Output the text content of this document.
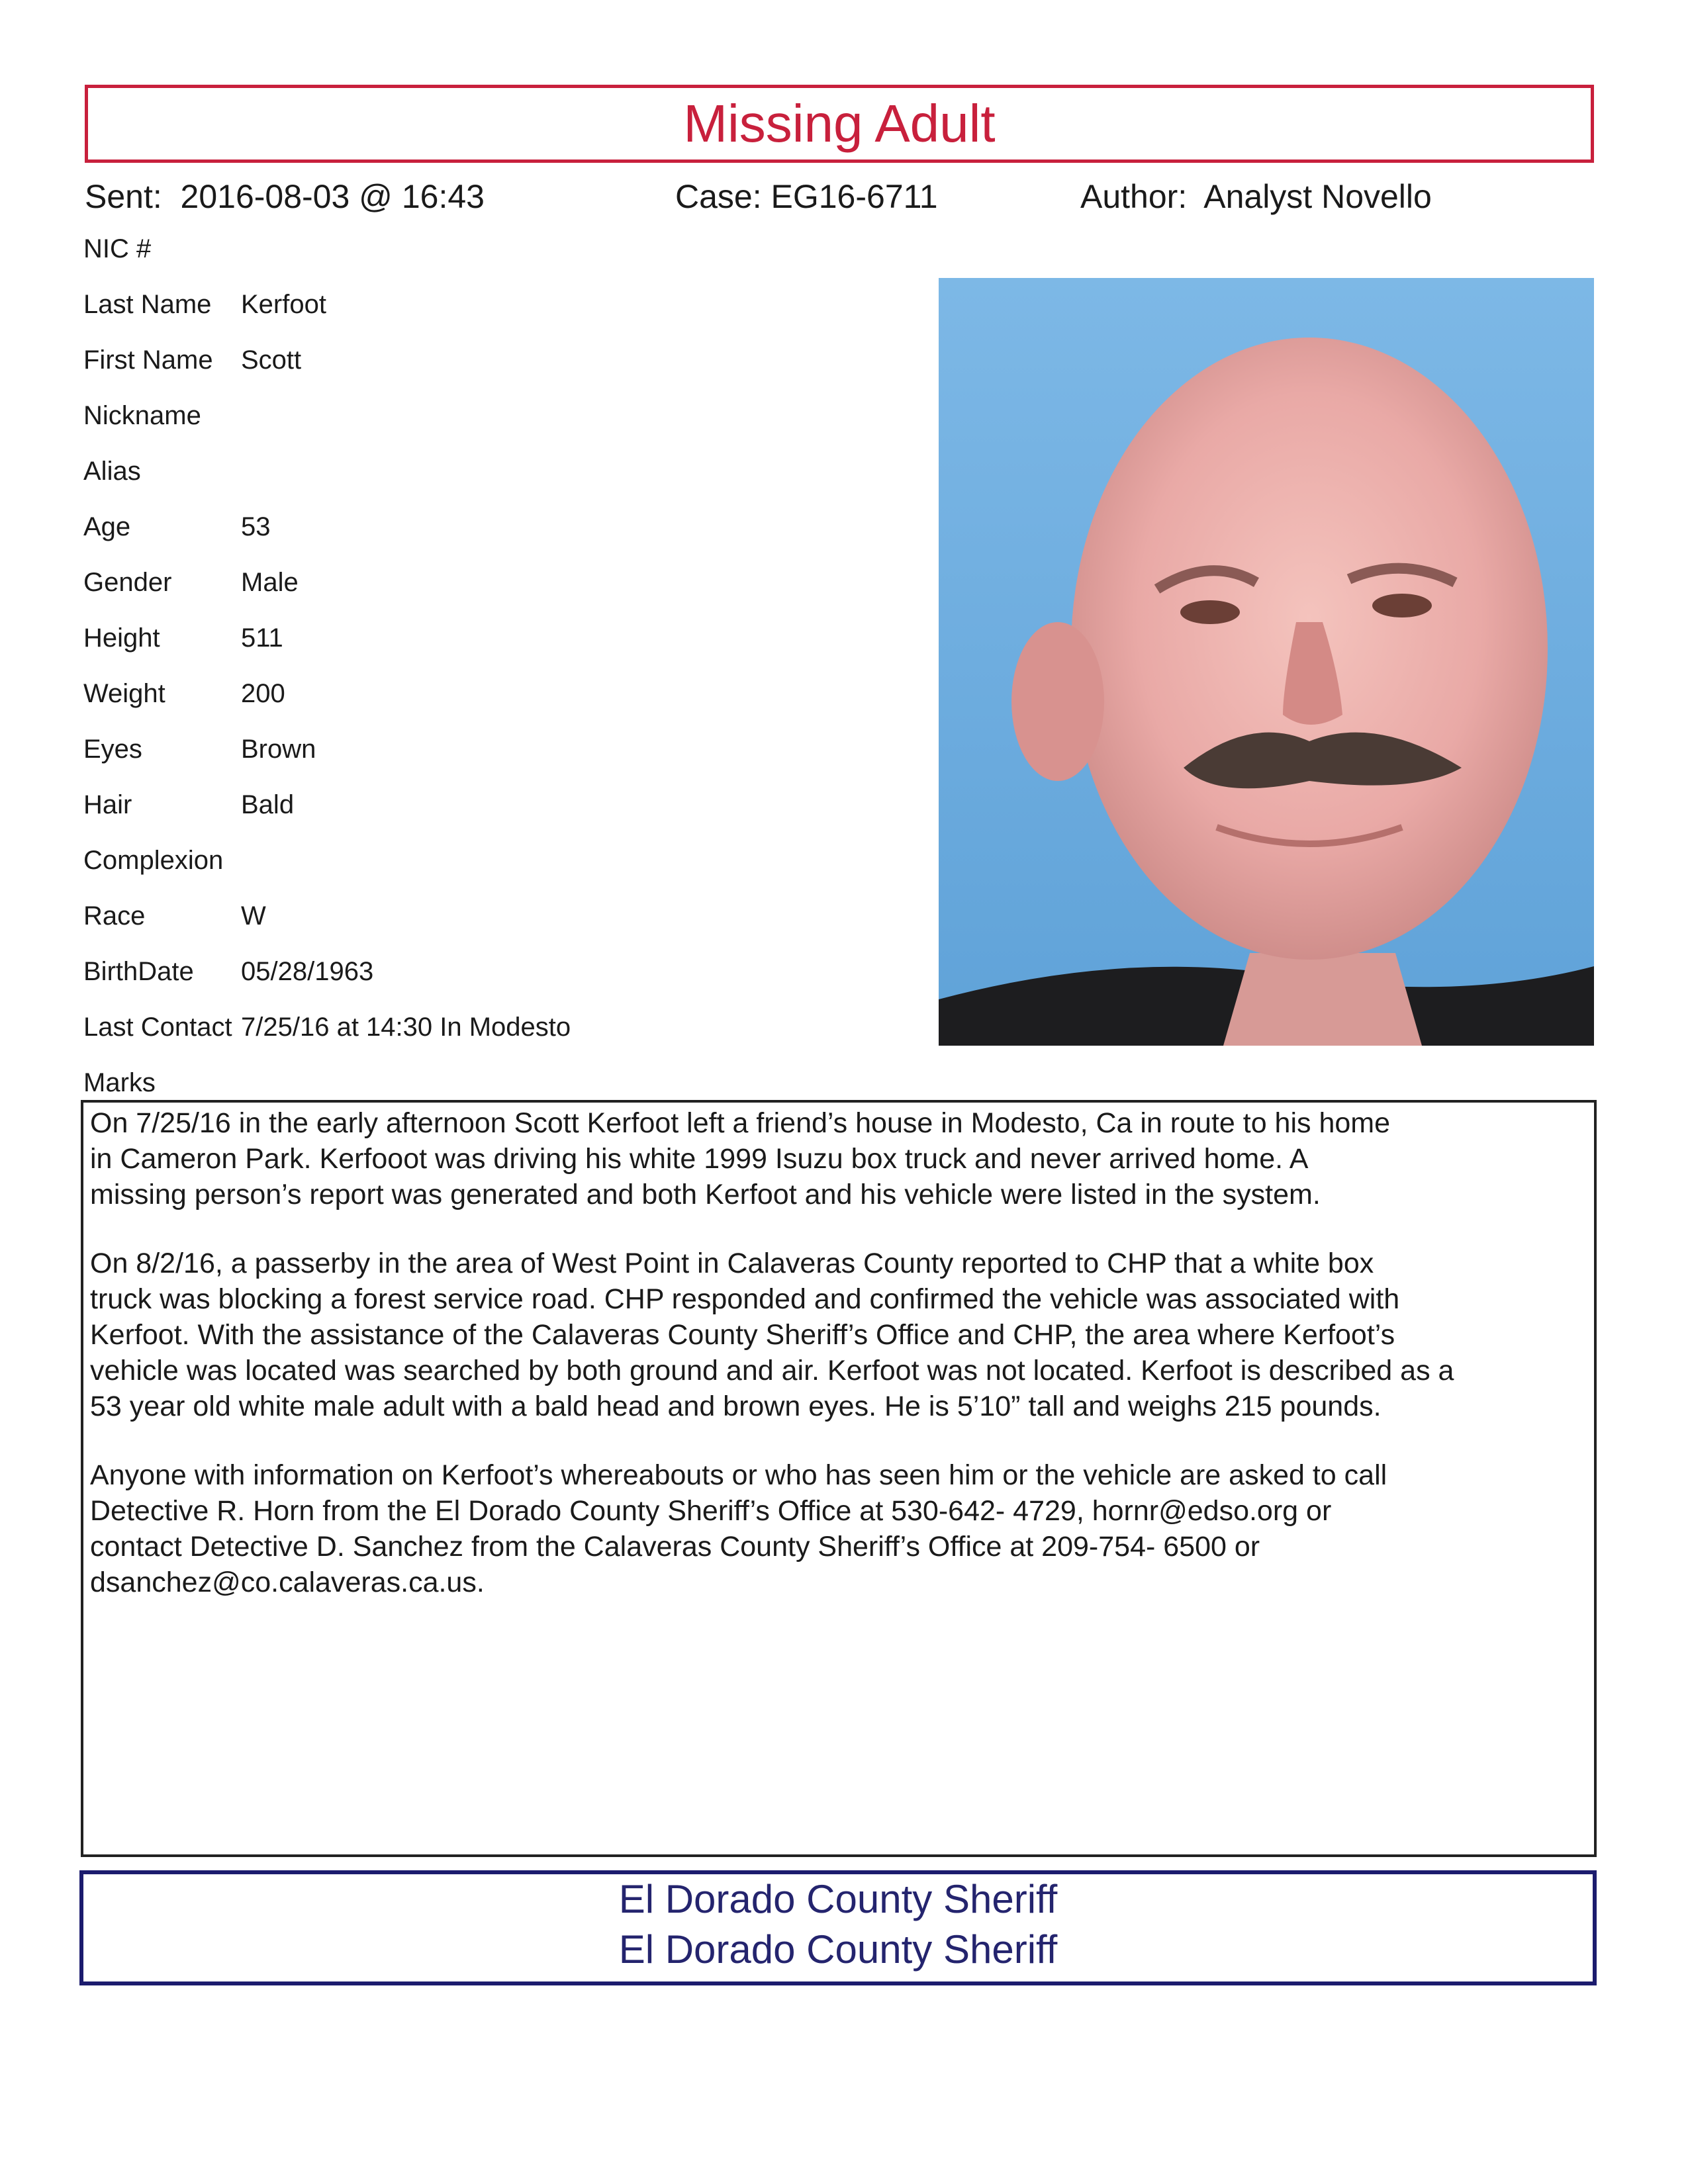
Missing Adult
Sent:  2016-08-03 @ 16:43	Case: EG16-6711	Author:  Analyst Novello
NIC #
Last Name Kerfoot
First Name Scott
Nickname
Alias
Age	53
Gender	Male
Height	511
Weight	200
Eyes	Brown
Hair	Bald
Complexion
Race	W
BirthDate 05/28/1963
Last Contact 7/25/16 at 14:30 In Modesto
Marks

On 7/25/16 in the early afternoon Scott Kerfoot left a friend’s house in Modesto, Ca in route to his home
in Cameron Park. Kerfooot was driving his white 1999 Isuzu box truck and never arrived home. A
missing person’s report was generated and both Kerfoot and his vehicle were listed in the system.

On 8/2/16, a passerby in the area of West Point in Calaveras County reported to CHP that a white box
truck was blocking a forest service road. CHP responded and confirmed the vehicle was associated with
Kerfoot. With the assistance of the Calaveras County Sheriff’s Office and CHP, the area where Kerfoot’s
vehicle was located was searched by both ground and air. Kerfoot was not located. Kerfoot is described as a
53 year old white male adult with a bald head and brown eyes. He is 5’10” tall and weighs 215 pounds.

Anyone with information on Kerfoot’s whereabouts or who has seen him or the vehicle are asked to call
Detective R. Horn from the El Dorado County Sheriff’s Office at 530-642- 4729, hornr@edso.org or
contact Detective D. Sanchez from the Calaveras County Sheriff’s Office at 209-754- 6500 or
dsanchez@co.calaveras.ca.us.

El Dorado County Sheriff
El Dorado County Sheriff
